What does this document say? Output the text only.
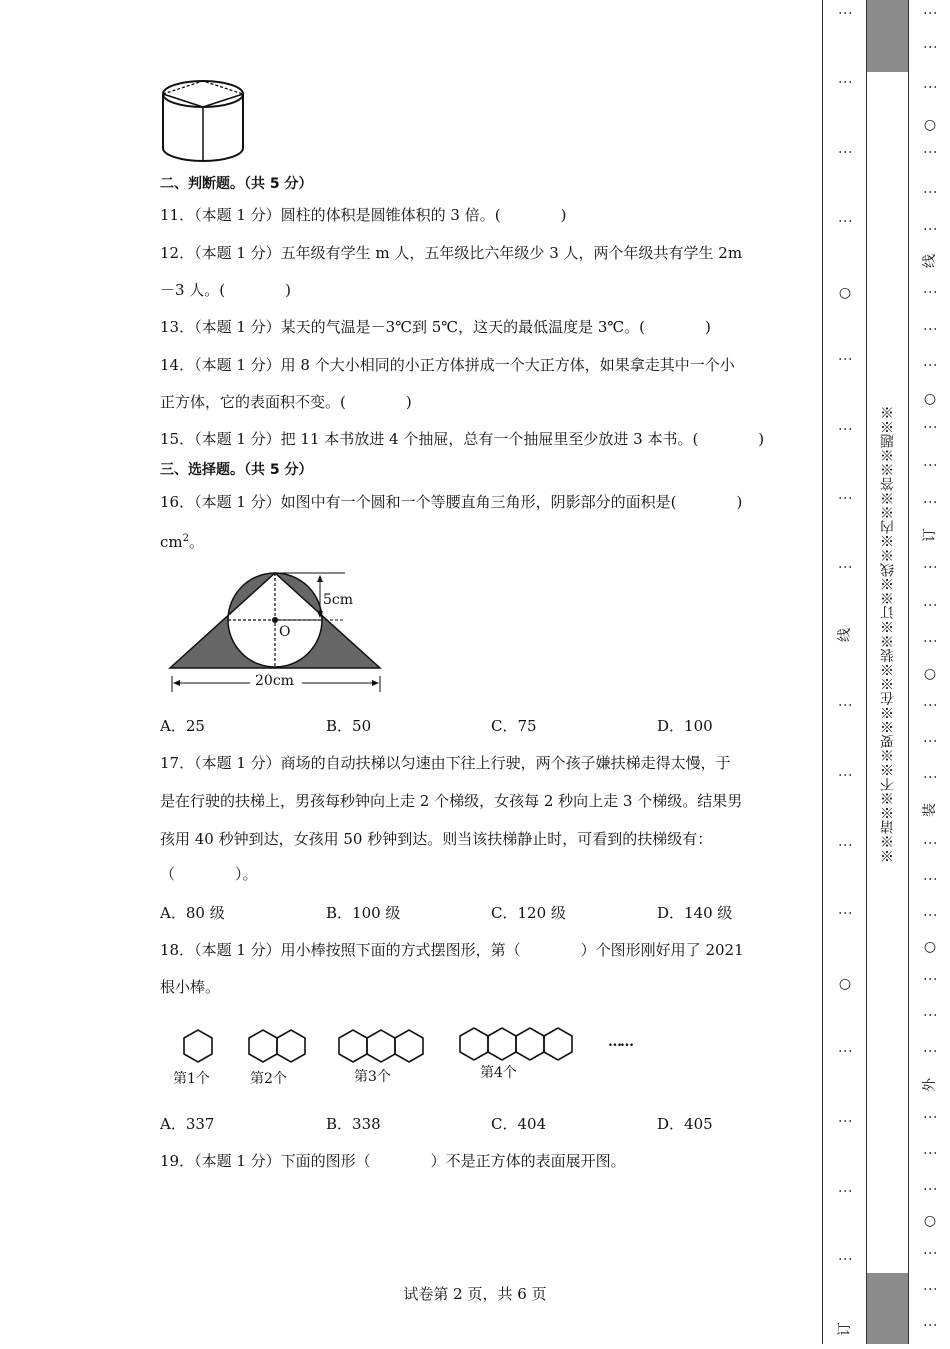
二、判断题。（共 5 分）
11．（本题 1 分）圆柱的体积是圆锥体积的 3 倍。(　　　　)
12．（本题 1 分）五年级有学生 m 人，五年级比六年级少 3 人，两个年级共有学生 2m
－3 人。(　　　　)
13．（本题 1 分）某天的气温是－3℃到 5℃，这天的最低温度是 3℃。(　　　　)
14．（本题 1 分）用 8 个大小相同的小正方体拼成一个大正方体，如果拿走其中一个小
正方体，它的表面积不变。(　　　　)
15．（本题 1 分）把 11 本书放进 4 个抽屉，总有一个抽屉里至少放进 3 本书。(　　　　)
三、选择题。（共 5 分）
16．（本题 1 分）如图中有一个圆和一个等腰直角三角形，阴影部分的面积是(　　　　)
$cm^2$。
5cm
O
20cm
A．25	B．50	C．75	D．100
17．（本题 1 分）商场的自动扶梯以匀速由下往上行驶，两个孩子嫌扶梯走得太慢，于
是在行驶的扶梯上，男孩每秒钟向上走 2 个梯级，女孩每 2 秒向上走 3 个梯级。结果男
孩用 40 秒钟到达，女孩用 50 秒钟到达。则当该扶梯静止时，可看到的扶梯级有：
（　　　　）。
A．80 级	B．100 级	C．120 级	D．140 级
18．（本题 1 分）用小棒按照下面的方式摆图形，第（　　　　）个图形刚好用了 2021
根小棒。
……
第1个	第2个	第3个	第4个
A．337	B．338	C．404	D．405
19．（本题 1 分）下面的图形（　　　　）不是正方体的表面展开图。
试卷第 2 页，共 6 页
※※请※※不※※要※※在※※装※※订※※线※※内※※答※※题※※
⋮
⋮
⋮
⋮
○
⋮
⋮
⋮
⋮
线
⋮
⋮
⋮
⋮
○
⋮
⋮
⋮
⋮
订
⋮
⋮
⋮
○
⋮
⋮
⋮
线
⋮
⋮
⋮
○
⋮
⋮
⋮
订
⋮
⋮
⋮
○
⋮
⋮
⋮
装
⋮
⋮
⋮
○
⋮
⋮
⋮
外
⋮
⋮
⋮
○
⋮
⋮
⋮
装
